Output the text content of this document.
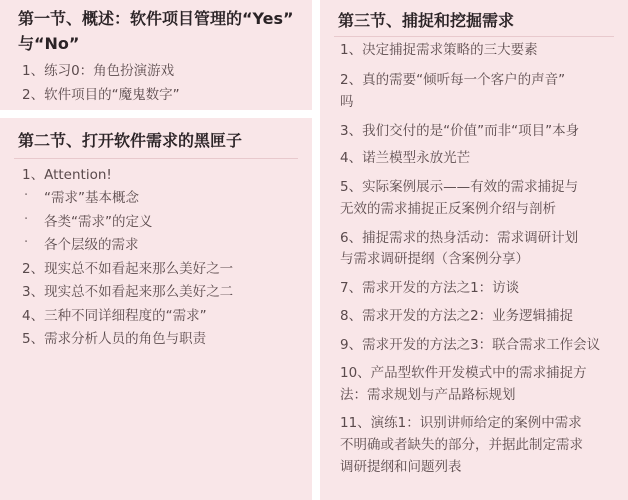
第一节、概述：软件项目管理的“Yes”
与“No”
1、练习0：角色扮演游戏
2、软件项目的“魔鬼数字”
第二节、打开软件需求的黑匣子
1、Attention!
· “需求”基本概念
· 各类“需求”的定义
· 各个层级的需求
2、现实总不如看起来那么美好之一
3、现实总不如看起来那么美好之二
4、三种不同详细程度的“需求”
5、需求分析人员的角色与职责
第三节、捕捉和挖掘需求
1、决定捕捉需求策略的三大要素
2、真的需要“倾听每一个客户的声音”
吗
3、我们交付的是“价值”而非“项目”本身
4、诺兰模型永放光芒
5、实际案例展示——有效的需求捕捉与
无效的需求捕捉正反案例介绍与剖析
6、捕捉需求的热身活动：需求调研计划
与需求调研提纲（含案例分享）
7、需求开发的方法之1：访谈
8、需求开发的方法之2：业务逻辑捕捉
9、需求开发的方法之3：联合需求工作会议
10、产品型软件开发模式中的需求捕捉方
法：需求规划与产品路标规划
11、演练1：识别讲师给定的案例中需求
不明确或者缺失的部分，并据此制定需求
调研提纲和问题列表
